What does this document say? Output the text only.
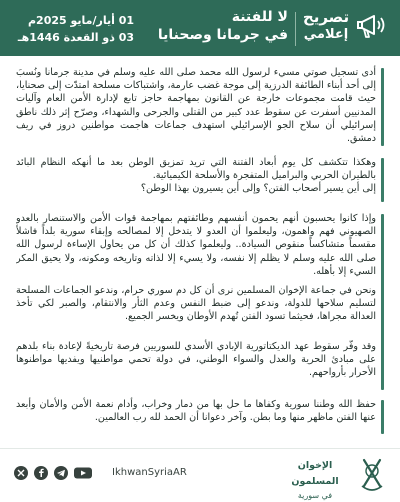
تصريح
إعلامي
لا للفتنة
في جرمانا وصحنايا
01 أيار/مايو 2025م
03 ذو القعدة 1446هـ

أدى تسجيل صوتي مسيء لرسول الله محمد صلى الله عليه وسلم في مدينة جرمانا ونُسبَ إلى أحد أبناء الطائفة الدرزية إلى موجة غضب عارمة، واشتباكات مسلحة امتدّت إلى صحنايا، حيث قامت مجموعات خارجة عن القانون بمهاجمة حاجز تابع لإدارة الأمن العام وآليات المدنيين أسفرت عن سقوط عدد كبير من القتلى والجرحى والشهداء، وصرّح إثر ذلك ناطق إسرائيلي أن سلاح الجو الإسرائيلي استهدف جماعات هاجمت مواطنين دروز في ريف دمشق.

وهكذا تتكشف كل يوم أبعاد الفتنة التي تريد تمزيق الوطن بعد ما أنهكه النظام البائد بالطيران الحربي والبراميل المتفجرة والأسلحة الكيميائية.

إلى أين يسير أصحاب الفتن؟ وإلى أين يسيرون بهذا الوطن؟

وإذا كانوا يحسبون أنهم يحمون أنفسهم وطائفتهم بمهاجمة قوات الأمن والاستنصار بالعدو الصهيوني فهم واهمون، وليعلموا أن العدو لا يتدخل إلا لمصالحه وإبقاء سورية بلداً فاشلاً مقسماً متشاكساً منقوص السيادة.. وليعلموا كذلك أن كل من يحاول الإساءة لرسول الله صلى الله عليه وسلم لا يظلم إلا نفسه، ولا يسيء إلا لذاته وتاريخه ومكونه، ولا يحيق المكر السيء إلا بأهله.

ونحن في جماعة الإخوان المسلمين نرى أن كل دم سوري حرام، وندعو الجماعات المسلحة لتسليم سلاحها للدولة، وندعو إلى ضبط النفس وعدم الثأر والانتقام، والصبر لكي تأخذ العدالة مجراها، فحيثما تسود الفتن تُهدم الأوطان ويخسر الجميع.

وقد وفّر سقوط عهد الديكتاتورية الإبادي الأسدي للسوريين فرصة تاريخيةً لإعادة بناء بلدهم على مبادئ الحرية والعدل والسواء الوطني، في دولة تحمي مواطنيها ويفديها مواطنوها الأحرار بأرواحهم.

حفظ الله وطننا سورية وكفاها ما حل بها من دمار وخراب، وأدام نعمة الأمن والأمان وأبعد عنها الفتن ماظهر منها وما بطن. وآخر دعوانا أن الحمد لله رب العالمين.

الإخوان المسلمون
في سورية
IkhwanSyriaAR
